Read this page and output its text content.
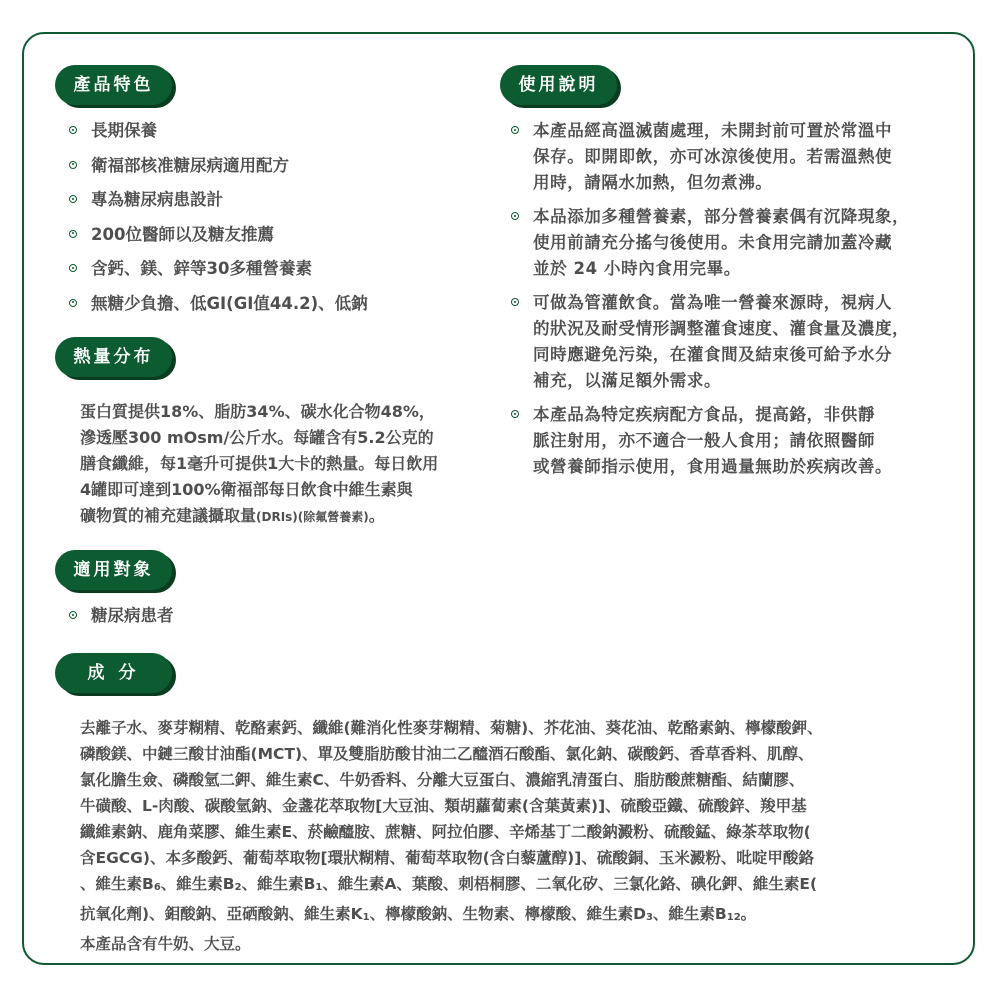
產品特色
長期保養
衛福部核准糖尿病適用配方
專為糖尿病患設計
200位醫師以及糖友推薦
含鈣、鎂、鋅等30多種營養素
無糖少負擔、低GI(GI值44.2)、低鈉
熱量分布
蛋白質提供18%、脂肪34%、碳水化合物48%，
滲透壓300 mOsm/公斤水。每罐含有5.2公克的
膳食纖維，每1毫升可提供1大卡的熱量。每日飲用
4罐即可達到100%衛福部每日飲食中維生素與
礦物質的補充建議攝取量(DRIs)(除氟營養素)。
適用對象
糖尿病患者
成分
去離子水、麥芽糊精、乾酪素鈣、纖維(難消化性麥芽糊精、菊糖)、芥花油、葵花油、乾酪素鈉、檸檬酸鉀、
磷酸鎂、中鏈三酸甘油酯(MCT)、單及雙脂肪酸甘油二乙醯酒石酸酯、氯化鈉、碳酸鈣、香草香料、肌醇、
氯化膽生僉、磷酸氫二鉀、維生素C、牛奶香料、分離大豆蛋白、濃縮乳清蛋白、脂肪酸蔗糖酯、結蘭膠、
牛磺酸、L-肉酸、碳酸氫鈉、金盞花萃取物[大豆油、類胡蘿蔔素(含葉黃素)]、硫酸亞鐵、硫酸鋅、羧甲基
纖維素鈉、鹿角菜膠、維生素E、菸鹼醯胺、蔗糖、阿拉伯膠、辛烯基丁二酸鈉澱粉、硫酸錳、綠茶萃取物(
含EGCG)、本多酸鈣、葡萄萃取物[環狀糊精、葡萄萃取物(含白藜蘆醇)]、硫酸銅、玉米澱粉、吡啶甲酸鉻
、維生素$B_6$、維生素$B_2$、維生素$B_1$、維生素A、葉酸、刺梧桐膠、二氧化矽、三氯化鉻、碘化鉀、維生素E(
抗氧化劑)、鉬酸鈉、亞硒酸鈉、維生素$K_1$、檸檬酸鈉、生物素、檸檬酸、維生素$D_3$、維生素$B_{12}$。
本產品含有牛奶、大豆。
使用說明
本產品經高溫滅菌處理，未開封前可置於常溫中
保存。即開即飲，亦可冰涼後使用。若需溫熱使
用時，請隔水加熱，但勿煮沸。
本品添加多種營養素，部分營養素偶有沉降現象，
使用前請充分搖勻後使用。未食用完請加蓋冷藏
並於 24 小時內食用完畢。
可做為管灌飲食。當為唯一營養來源時，視病人
的狀況及耐受情形調整灌食速度、灌食量及濃度，
同時應避免污染，在灌食間及結束後可給予水分
補充，以滿足額外需求。
本產品為特定疾病配方食品，提高鉻，非供靜
脈注射用，亦不適合一般人食用；請依照醫師
或營養師指示使用，食用過量無助於疾病改善。
